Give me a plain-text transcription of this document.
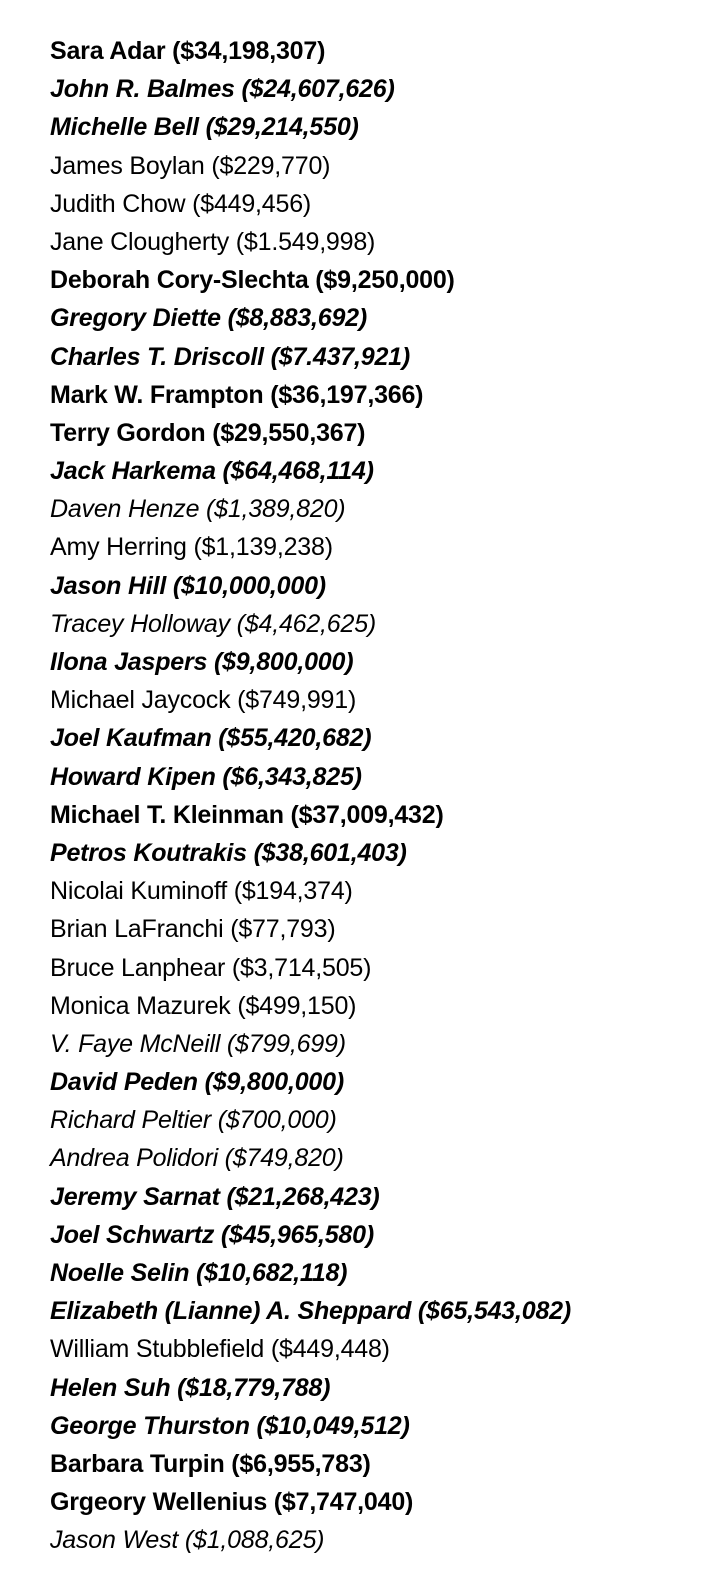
Sara Adar ($34,198,307)
John R. Balmes ($24,607,626)
Michelle Bell ($29,214,550)
James Boylan ($229,770)
Judith Chow ($449,456)
Jane Clougherty ($1.549,998)
Deborah Cory-Slechta ($9,250,000)
Gregory Diette ($8,883,692)
Charles T. Driscoll ($7.437,921)
Mark W. Frampton ($36,197,366)
Terry Gordon ($29,550,367)
Jack Harkema ($64,468,114)
Daven Henze ($1,389,820)
Amy Herring ($1,139,238)
Jason Hill ($10,000,000)
Tracey Holloway ($4,462,625)
Ilona Jaspers ($9,800,000)
Michael Jaycock ($749,991)
Joel Kaufman ($55,420,682)
Howard Kipen ($6,343,825)
Michael T. Kleinman ($37,009,432)
Petros Koutrakis ($38,601,403)
Nicolai Kuminoff ($194,374)
Brian LaFranchi ($77,793)
Bruce Lanphear ($3,714,505)
Monica Mazurek ($499,150)
V. Faye McNeill ($799,699)
David Peden ($9,800,000)
Richard Peltier ($700,000)
Andrea Polidori ($749,820)
Jeremy Sarnat ($21,268,423)
Joel Schwartz ($45,965,580)
Noelle Selin ($10,682,118)
Elizabeth (Lianne) A. Sheppard ($65,543,082)
William Stubblefield ($449,448)
Helen Suh ($18,779,788)
George Thurston ($10,049,512)
Barbara Turpin ($6,955,783)
Grgeory Wellenius ($7,747,040)
Jason West ($1,088,625)
